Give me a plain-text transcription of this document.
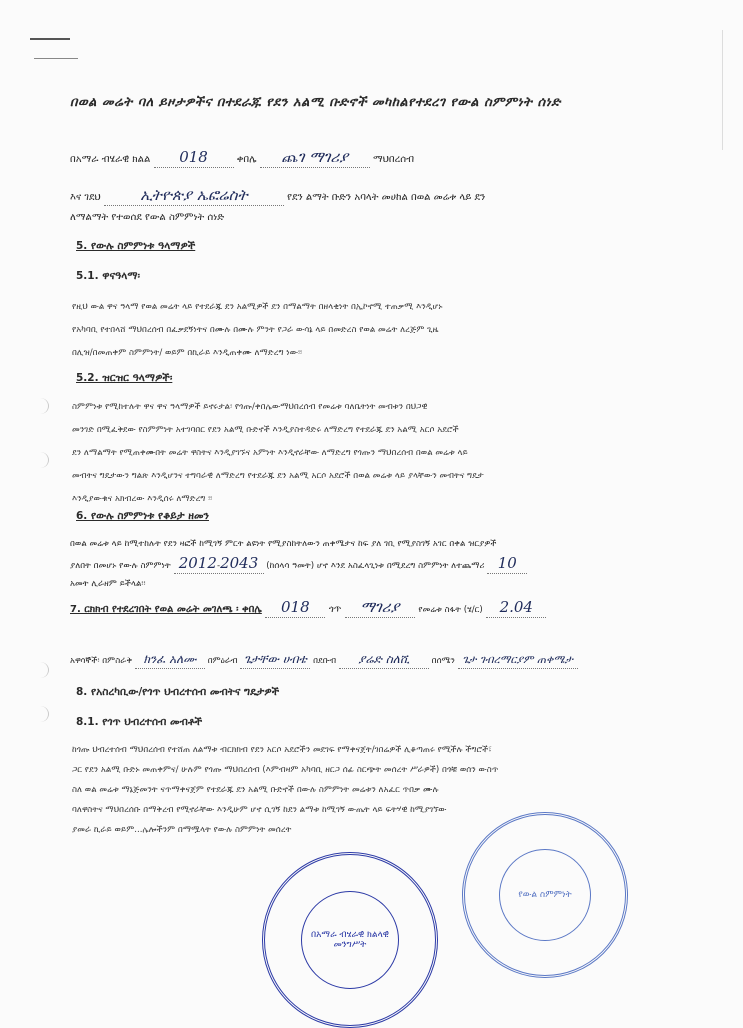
በወል መሬት ባለ ይዞታዎችና በተደራጁ የደን አልሚ ቡድኖች መካከልየተደረገ የውል ስምምነት ሰነድ
በአማራ ብሄራዊ ክልል 018	ቀበሌ ጨገ ማገሪያ ማህበረሰብ
እና ገደህ	ኢትዮጵያ ኤፎሬስት	የደን ልማት ቡድን አባላት መሀከል በወል መሬቱ ላይ ደን
ለማልማት የተወሰደ የውል ስምምነት ሰነድ
5. የውሉ ስምምነቱ ዓላማዎች
5.1. ዋናዓላማ፡
የዚህ ውል ዋና ዓላማ የወል መሬት ላይ የተደራጁ ደን አልሚዎች ደን በማልማት በዘላቂነት በኢኮኖሚ ተጠቃሚ እንዲሆኑ
የአካባቢ የተበላሸ ማህበረሰብ በፈቃደኝነትና በሙሉ በሙሉ ምንት የጋራ ውሳኔ ላይ በመድረስ የወል መሬት ለረጅም ጊዜ
በሊዝ/በመጠቀም ስምምነት/ ወይም በኪራይ እንዲጠቀሙ ለማድረግ ነው፡፡
5.2. ዝርዝር ዓላማዎች፡
ስምምነቱ የሚከተሉት ዋና ዋና ዓላማዎች ይኖሩታል፡ የጎጡ/ቀበሌውማህበረሰብ የመሬቱ ባለቤትነት መብቱን በህጋዊ
መንገድ በሚፈቅደው የስምምነት አተገባበር የደን አልሚ ቡድኖች እንዲያስተዳድሩ ለማድረግ የተደራጁ ደን አልሚ አርሶ አደሮች
ደን ለማልማት የሚጠቀሙበት መሬት ዋስትና እንዲያገኙና አምነት እንዲኖራቸው ለማድረግ የጎጡን ማህበረሰብ በወል መሬቱ ላይ
መብትና ግዴታውን ግልጽ እንዲሆንና ተግባራዊ ለማድረግ የተደራጁ ደን አልሚ አርሶ አደሮች በወል መሬቱ ላይ ያላቸውን መብትና ግዴታ
እንዲያውቁና አክብረው እንዲሰሩ ለማድረግ ፡፡
6. የውሉ ስምምነቱ የቆይታ ዘመን
በወል መሬቱ ላይ ከሚተከሉት የደን ዛፎች ከሚገኝ ምርት ልዩነት የሚያስከትለውን ጠቀሜታና ከፍ ያለ ገቢ የሚያስገኝ አገር በቀል ዝርያዎች
ያለበት በመሆኑ የውሉ ስምምነት 2012-2043 (ከሰላሳ ዓመት) ሆኖ እንደ አስፈላጊነቱ በሚደረግ ስምምነት ለተጨማሪ 10
አመት ሊራዘም ይችላል፡፡
7. ርክክብ የተደረገበት የወል መሬት መገለጫ ፡ ቀበሌ 018 ጎጥ ማገሪያ የመሬቱ ስፋት (ሄ/ር) 2.04
አዋሳኞች፡ በምስራቅ ክንፈ አለሙ በምዕራብ ጌታቸው ሀብቴ በደቡብ ያሬድ ስለሺ	በሰሜን ጌታ ገብረማርያም ጠቀሜታ
8. የአስረካቢው/የጎጥ ህብረተሰብ መብትና ግዴታዎች
8.1. የጎጥ ህብረተሰብ መብቶች
ከጎጡ ህብረተሰብ ማህበረሰብ የተሸጠ ለልማቱ ብርክክብ የደን አርሶ አደሮችን መደገፍ የማቀናጀት/ገበሬዎች ሊቆጣጠሩ የሚችሉ ችግሮች፣
ጋር የደን አልሚ ቡድኑ መጠቀምና/ ሁሉም የጎጡ ማህበረሰብ (እምብዛም አካባቢ ዘርጋ ሰፊ ስርጭት መሰረት ሥራዎች) በጎቹ ወሰን ውስጥ
ስለ ወል መሬቱ ማኔጅመንት ናጥማቀናጀም የተደራጁ ደን አልሚ ቡድኖች በውሉ ስምምነት መሬቱን ለአፈር ጥበቃ ሙሉ
ባለዋስትና ማህበረሰቡ በማቅረብ የሚኖራቸው እንዲሁም ሆኖ ሲገኝ ከደን ልማቱ ከሚገኝ ውጤት ላይ ፍትሃዊ ከሚያገኘው
ያመራ ኪራይ ወይም...ሌሎችንም በማሟላት የውሉ ስምምነት መሰረት
በአማራ ብሄራዊ ክልላዊ መንግሥት
የውል ስምምነት
